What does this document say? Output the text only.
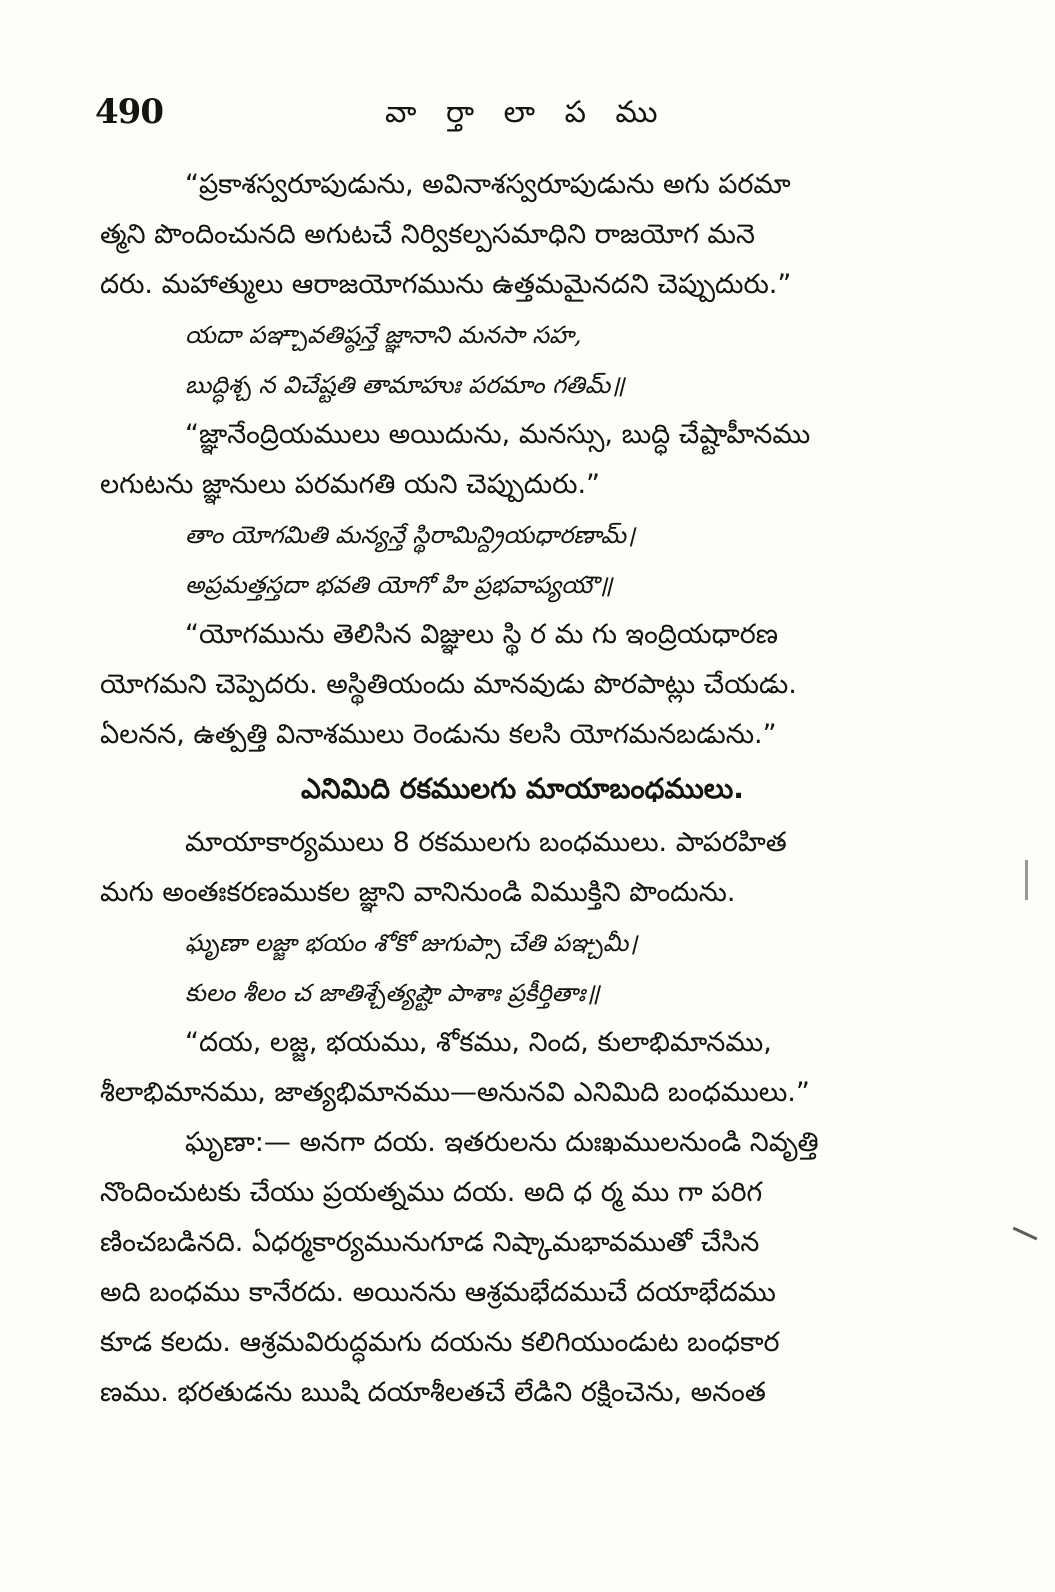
490	వా ర్తా లా ప ము
“ప్రకాశస్వరూపుడును, అవినాశస్వరూపుడును అగు పరమా
త్మని పొందించునది అగుటచే నిర్వికల్పసమాధిని రాజయోగ మనె
దరు. మహాత్ములు ఆరాజయోగమును ఉత్తమమైనదని చెప్పుదురు.”
యదా పఞ్చావతిష్ఠన్తే జ్ఞానాని మనసా సహ,
బుద్ధిశ్చ న విచేష్టతి తామాహుః పరమాం గతిమ్॥
“జ్ఞానేంద్రియములు అయిదును, మనస్సు, బుద్ధి చేష్టాహీనము
లగుటను జ్ఞానులు పరమగతి యని చెప్పుదురు.”
తాం యోగమితి మన్యన్తే స్థిరామిన్ద్రియధారణామ్।
అప్రమత్తస్తదా భవతి యోగో హి ప్రభవాప్యయౌ॥
“యోగమును తెలిసిన విజ్ఞులు స్థి ర మ గు ఇంద్రియధారణ
యోగమని చెప్పెదరు. అస్థితియందు మానవుడు పొరపాట్లు చేయడు.
ఏలనన, ఉత్పత్తి వినాశములు రెండును కలసి యోగమనబడును.”
ఎనిమిది రకములగు మాయాబంధములు.
మాయాకార్యములు 8 రకములగు బంధములు. పాపరహిత
మగు అంతఃకరణముకల జ్ఞాని వానినుండి విముక్తిని పొందును.
ఘృణా లజ్జా భయం శోకో జుగుప్సా చేతి పఞ్చమీ।
కులం శీలం చ జాతిశ్చేత్యష్టౌ పాశాః ప్రకీర్తితాః॥
“దయ, లజ్జ, భయము, శోకము, నింద, కులాభిమానము,
శీలాభిమానము, జాత్యభిమానము—అనునవి ఎనిమిది బంధములు.”
ఘృణా:— అనగా దయ. ఇతరులను దుఃఖములనుండి నివృత్తి
నొందించుటకు చేయు ప్రయత్నము దయ. అది ధ ర్మ ము గా పరిగ
ణించబడినది. ఏధర్మకార్యమునుగూడ నిష్కామభావముతో చేసిన
అది బంధము కానేరదు. అయినను ఆశ్రమభేదముచే దయాభేదము
కూడ కలదు. ఆశ్రమవిరుద్ధమగు దయను కలిగియుండుట బంధకార
ణము. భరతుడను ఋషి దయాశీలతచే లేడిని రక్షించెను, అనంత
